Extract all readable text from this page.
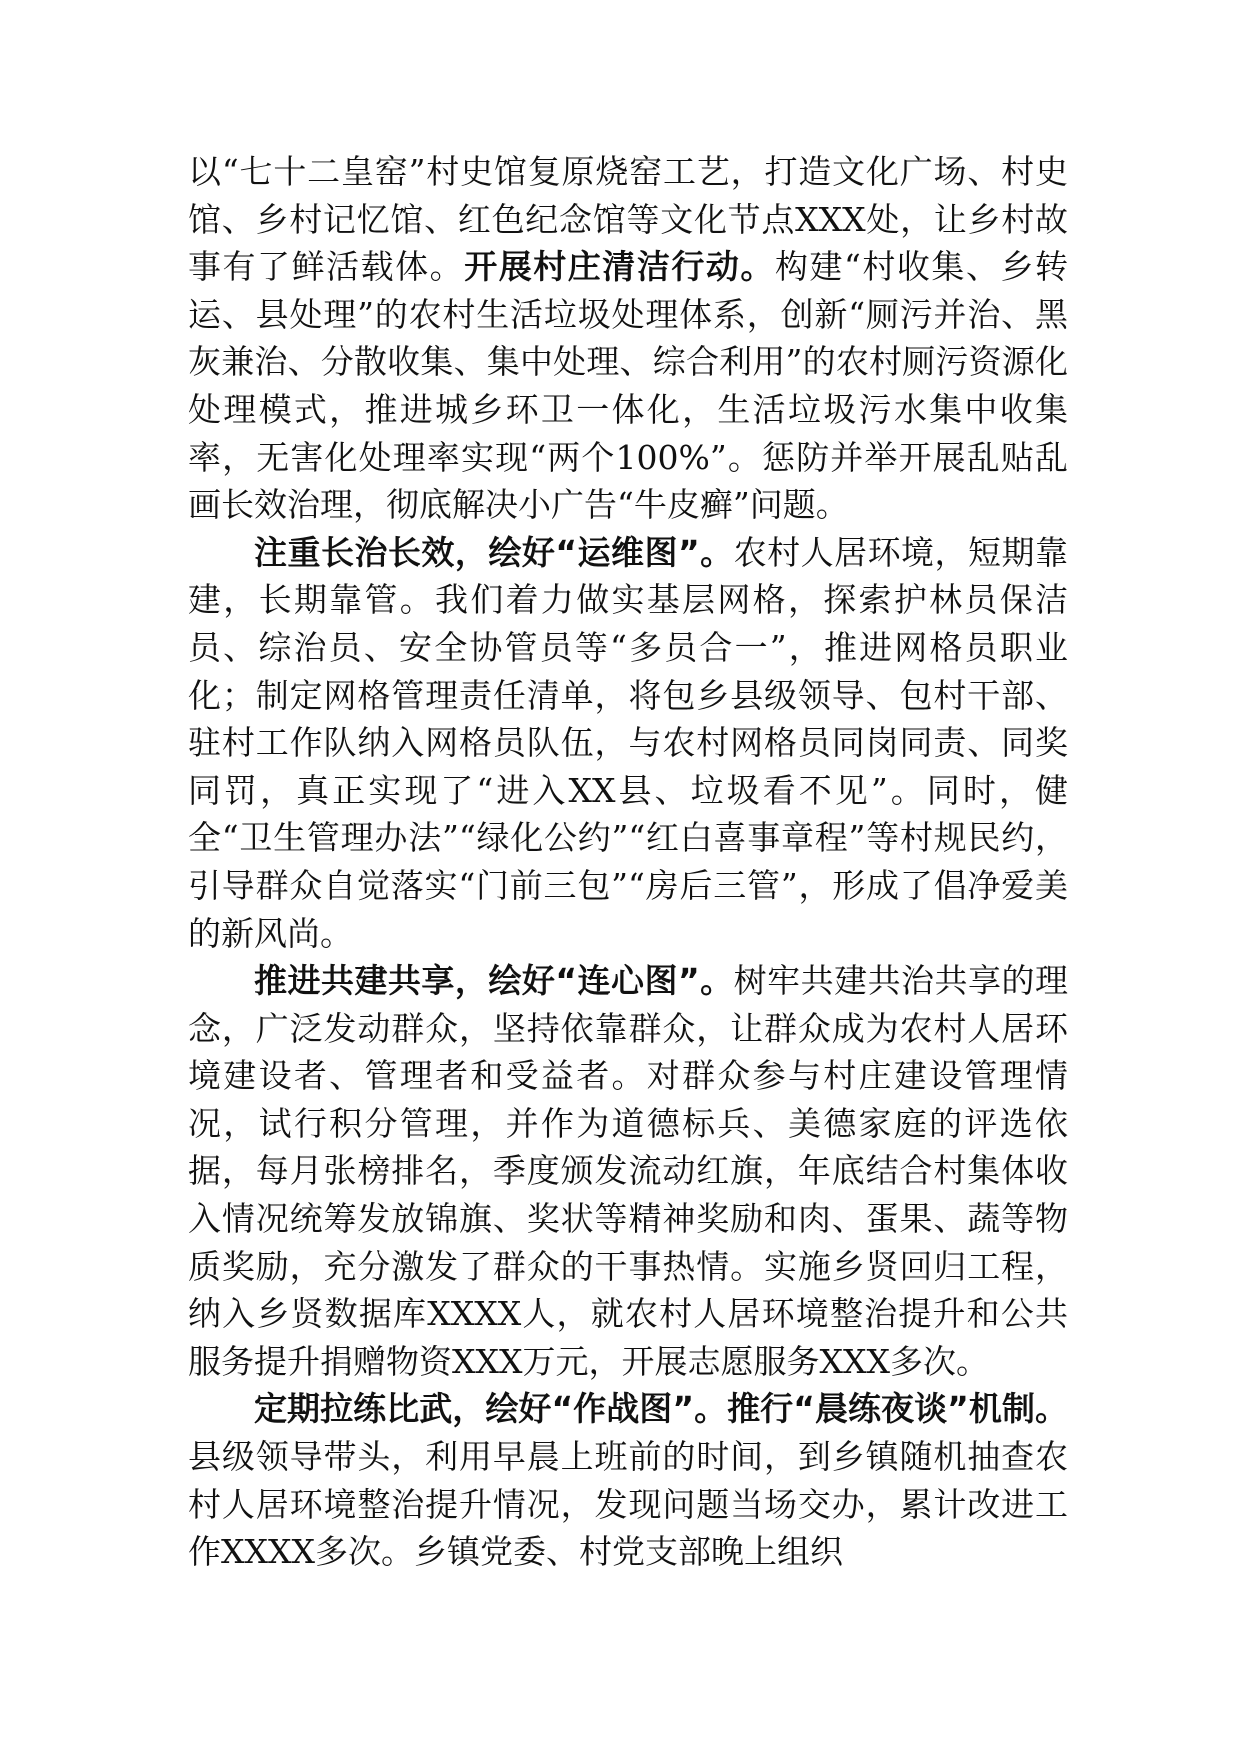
以“七十二皇窑”村史馆复原烧窑工艺，打造文化广场、村史馆、乡村记忆馆、红色纪念馆等文化节点XXX处，让乡村故事有了鲜活载体。开展村庄清洁行动。构建“村收集、乡转运、县处理”的农村生活垃圾处理体系，创新“厕污并治、黑灰兼治、分散收集、集中处理、综合利用”的农村厕污资源化处理模式，推进城乡环卫一体化，生活垃圾污水集中收集率，无害化处理率实现“两个100%”。惩防并举开展乱贴乱画长效治理，彻底解决小广告“牛皮癣”问题。

注重长治长效，绘好“运维图”。农村人居环境，短期靠建，长期靠管。我们着力做实基层网格，探索护林员保洁员、综治员、安全协管员等“多员合一”，推进网格员职业化；制定网格管理责任清单，将包乡县级领导、包村干部、驻村工作队纳入网格员队伍，与农村网格员同岗同责、同奖同罚，真正实现了“进入XX县、垃圾看不见”。同时，健全“卫生管理办法”“绿化公约”“红白喜事章程”等村规民约，引导群众自觉落实“门前三包”“房后三管”，形成了倡净爱美的新风尚。

推进共建共享，绘好“连心图”。树牢共建共治共享的理念，广泛发动群众，坚持依靠群众，让群众成为农村人居环境建设者、管理者和受益者。对群众参与村庄建设管理情况，试行积分管理，并作为道德标兵、美德家庭的评选依据，每月张榜排名，季度颁发流动红旗，年底结合村集体收入情况统筹发放锦旗、奖状等精神奖励和肉、蛋果、蔬等物质奖励，充分激发了群众的干事热情。实施乡贤回归工程，纳入乡贤数据库XXXX人，就农村人居环境整治提升和公共服务提升捐赠物资XXX万元，开展志愿服务XXX多次。

定期拉练比武，绘好“作战图”。推行“晨练夜谈”机制。县级领导带头，利用早晨上班前的时间，到乡镇随机抽查农村人居环境整治提升情况，发现问题当场交办，累计改进工作XXXX多次。乡镇党委、村党支部晚上组织
